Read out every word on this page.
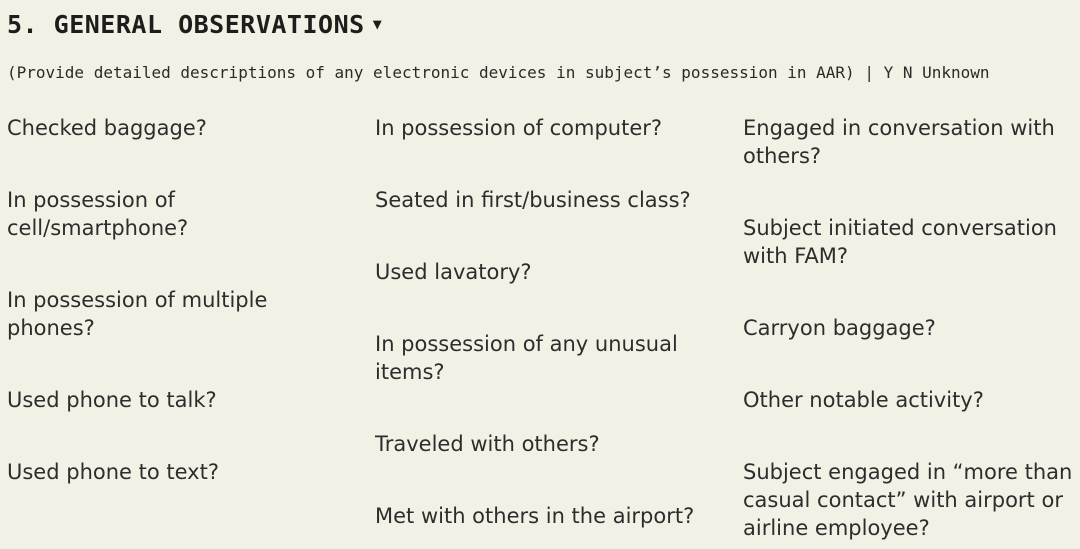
5. GENERAL OBSERVATIONS ▼
(Provide detailed descriptions of any electronic devices in subject’s possession in AAR) | Y N Unknown
Checked baggage?
In possession of
cell/smartphone?
In possession of multiple
phones?
Used phone to talk?
Used phone to text?
In possession of computer?
Seated in first/business class?
Used lavatory?
In possession of any unusual
items?
Traveled with others?
Met with others in the airport?
Engaged in conversation with
others?
Subject initiated conversation
with FAM?
Carryon baggage?
Other notable activity?
Subject engaged in “more than
casual contact” with airport or
airline employee?
